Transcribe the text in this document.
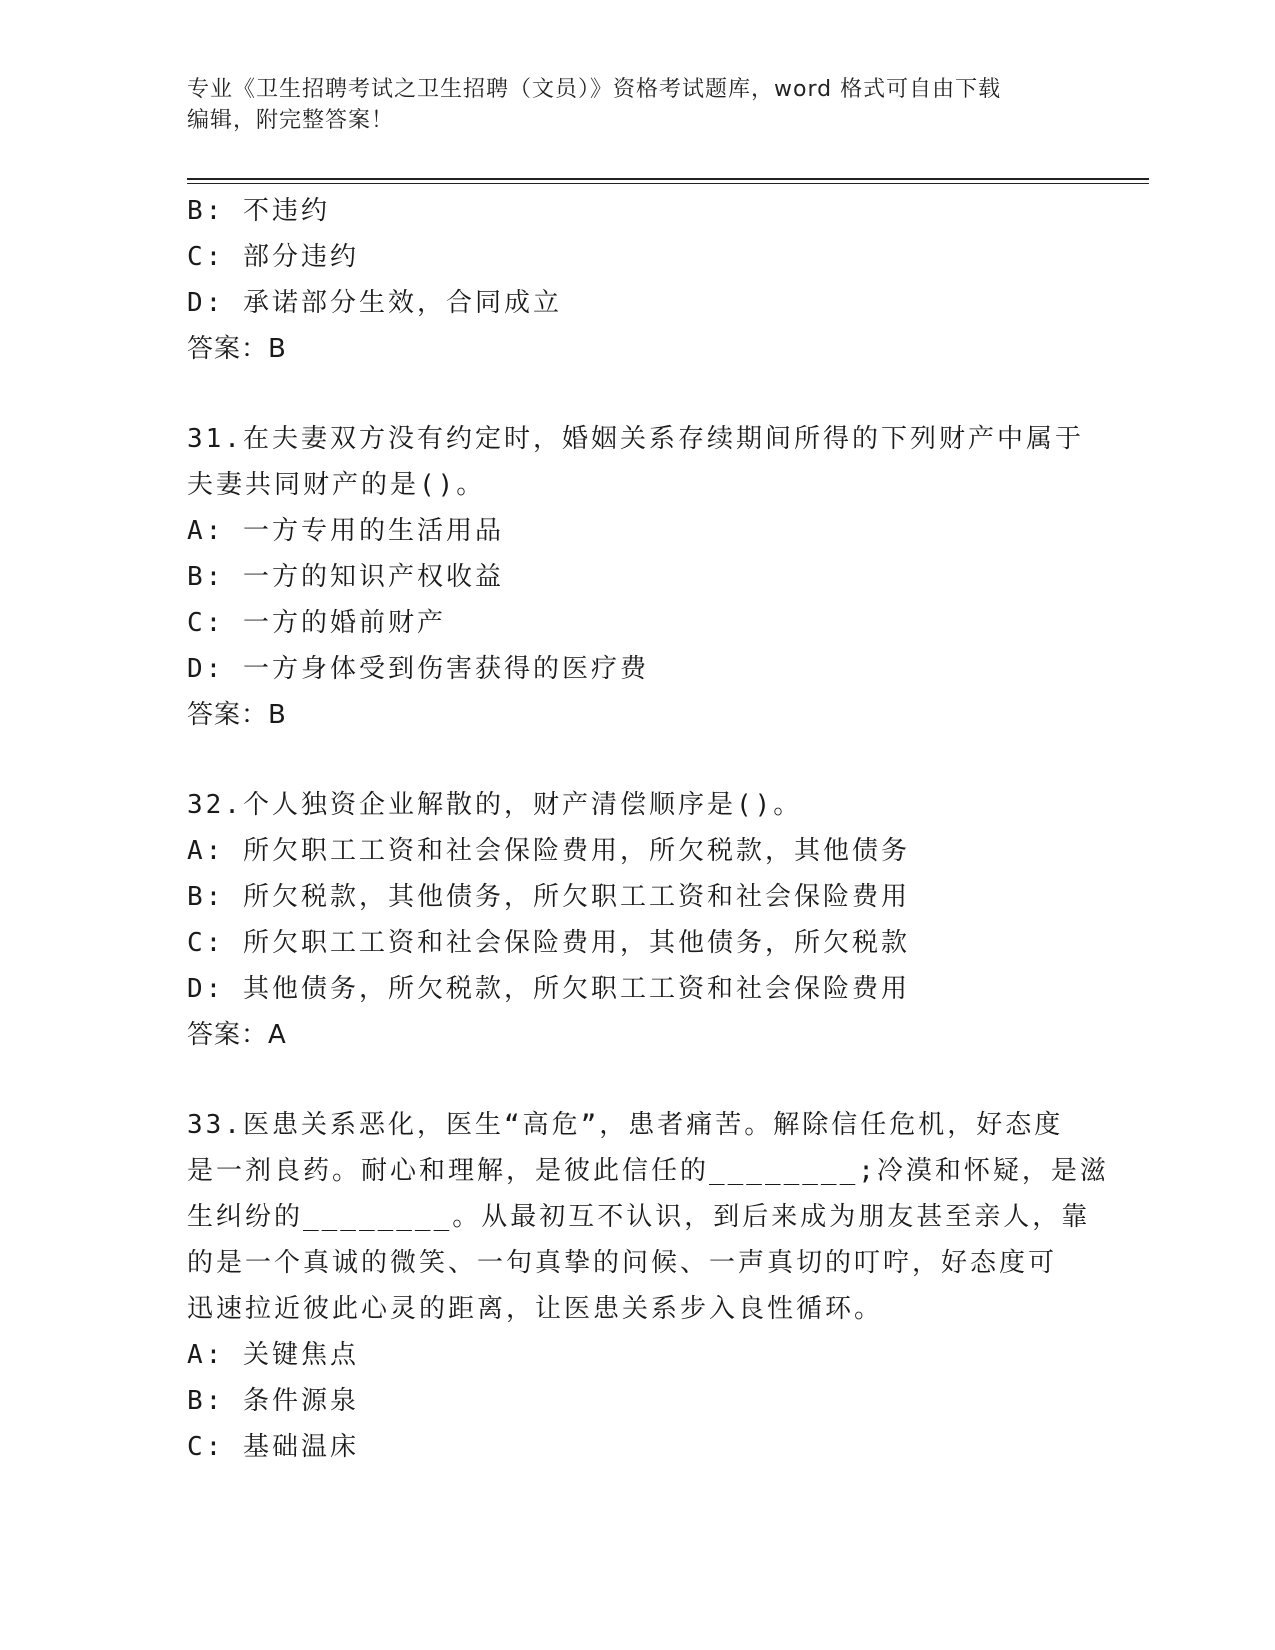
专业《卫生招聘考试之卫生招聘（文员）》资格考试题库，word 格式可自由下载
编辑，附完整答案！
B: 不违约
C: 部分违约
D: 承诺部分生效，合同成立
答案：B
31.在夫妻双方没有约定时，婚姻关系存续期间所得的下列财产中属于
夫妻共同财产的是()。
A: 一方专用的生活用品
B: 一方的知识产权收益
C: 一方的婚前财产
D: 一方身体受到伤害获得的医疗费
答案：B
32.个人独资企业解散的，财产清偿顺序是()。
A: 所欠职工工资和社会保险费用，所欠税款，其他债务
B: 所欠税款，其他债务，所欠职工工资和社会保险费用
C: 所欠职工工资和社会保险费用，其他债务，所欠税款
D: 其他债务，所欠税款，所欠职工工资和社会保险费用
答案：A
33.医患关系恶化，医生“高危”，患者痛苦。解除信任危机，好态度
是一剂良药。耐心和理解，是彼此信任的________;冷漠和怀疑，是滋
生纠纷的________。从最初互不认识，到后来成为朋友甚至亲人，靠
的是一个真诚的微笑、一句真挚的问候、一声真切的叮咛，好态度可
迅速拉近彼此心灵的距离，让医患关系步入良性循环。
A: 关键焦点
B: 条件源泉
C: 基础温床
